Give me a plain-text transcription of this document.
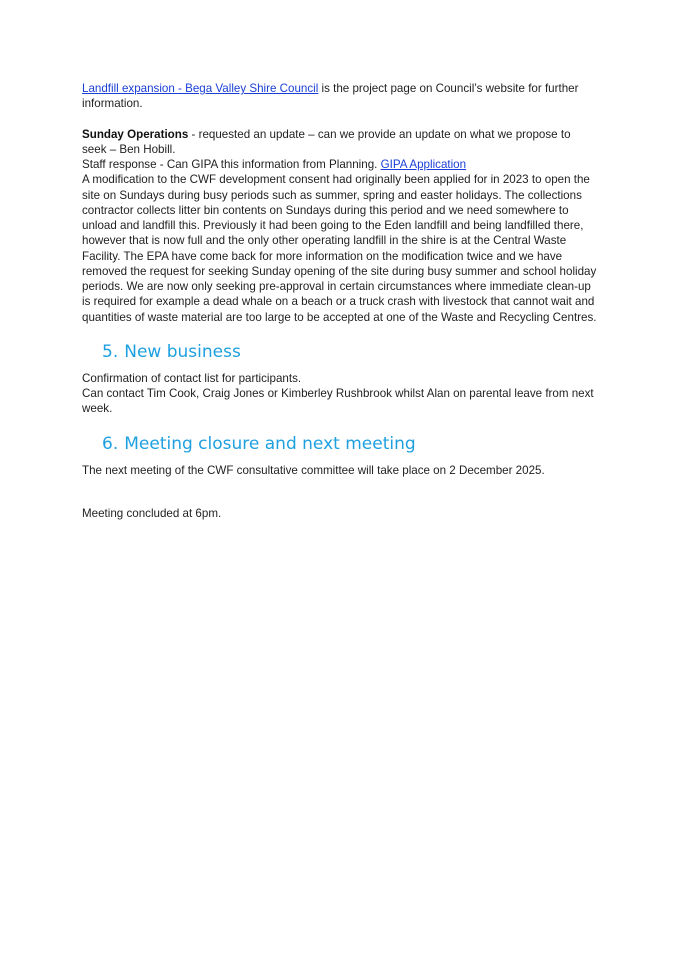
Landfill expansion - Bega Valley Shire Council is the project page on Council’s website for further information.

Sunday Operations - requested an update – can we provide an update on what we propose to seek – Ben Hobill.

Staff response - Can GIPA this information from Planning. GIPA Application

A modification to the CWF development consent had originally been applied for in 2023 to open the site on Sundays during busy periods such as summer, spring and easter holidays. The collections contractor collects litter bin contents on Sundays during this period and we need somewhere to unload and landfill this. Previously it had been going to the Eden landfill and being landfilled there, however that is now full and the only other operating landfill in the shire is at the Central Waste Facility. The EPA have come back for more information on the modification twice and we have removed the request for seeking Sunday opening of the site during busy summer and school holiday periods. We are now only seeking pre-approval in certain circumstances where immediate clean-up is required for example a dead whale on a beach or a truck crash with livestock that cannot wait and quantities of waste material are too large to be accepted at one of the Waste and Recycling Centres.

5. New business

Confirmation of contact list for participants.

Can contact Tim Cook, Craig Jones or Kimberley Rushbrook whilst Alan on parental leave from next week.

6. Meeting closure and next meeting

The next meeting of the CWF consultative committee will take place on 2 December 2025.

Meeting concluded at 6pm.
